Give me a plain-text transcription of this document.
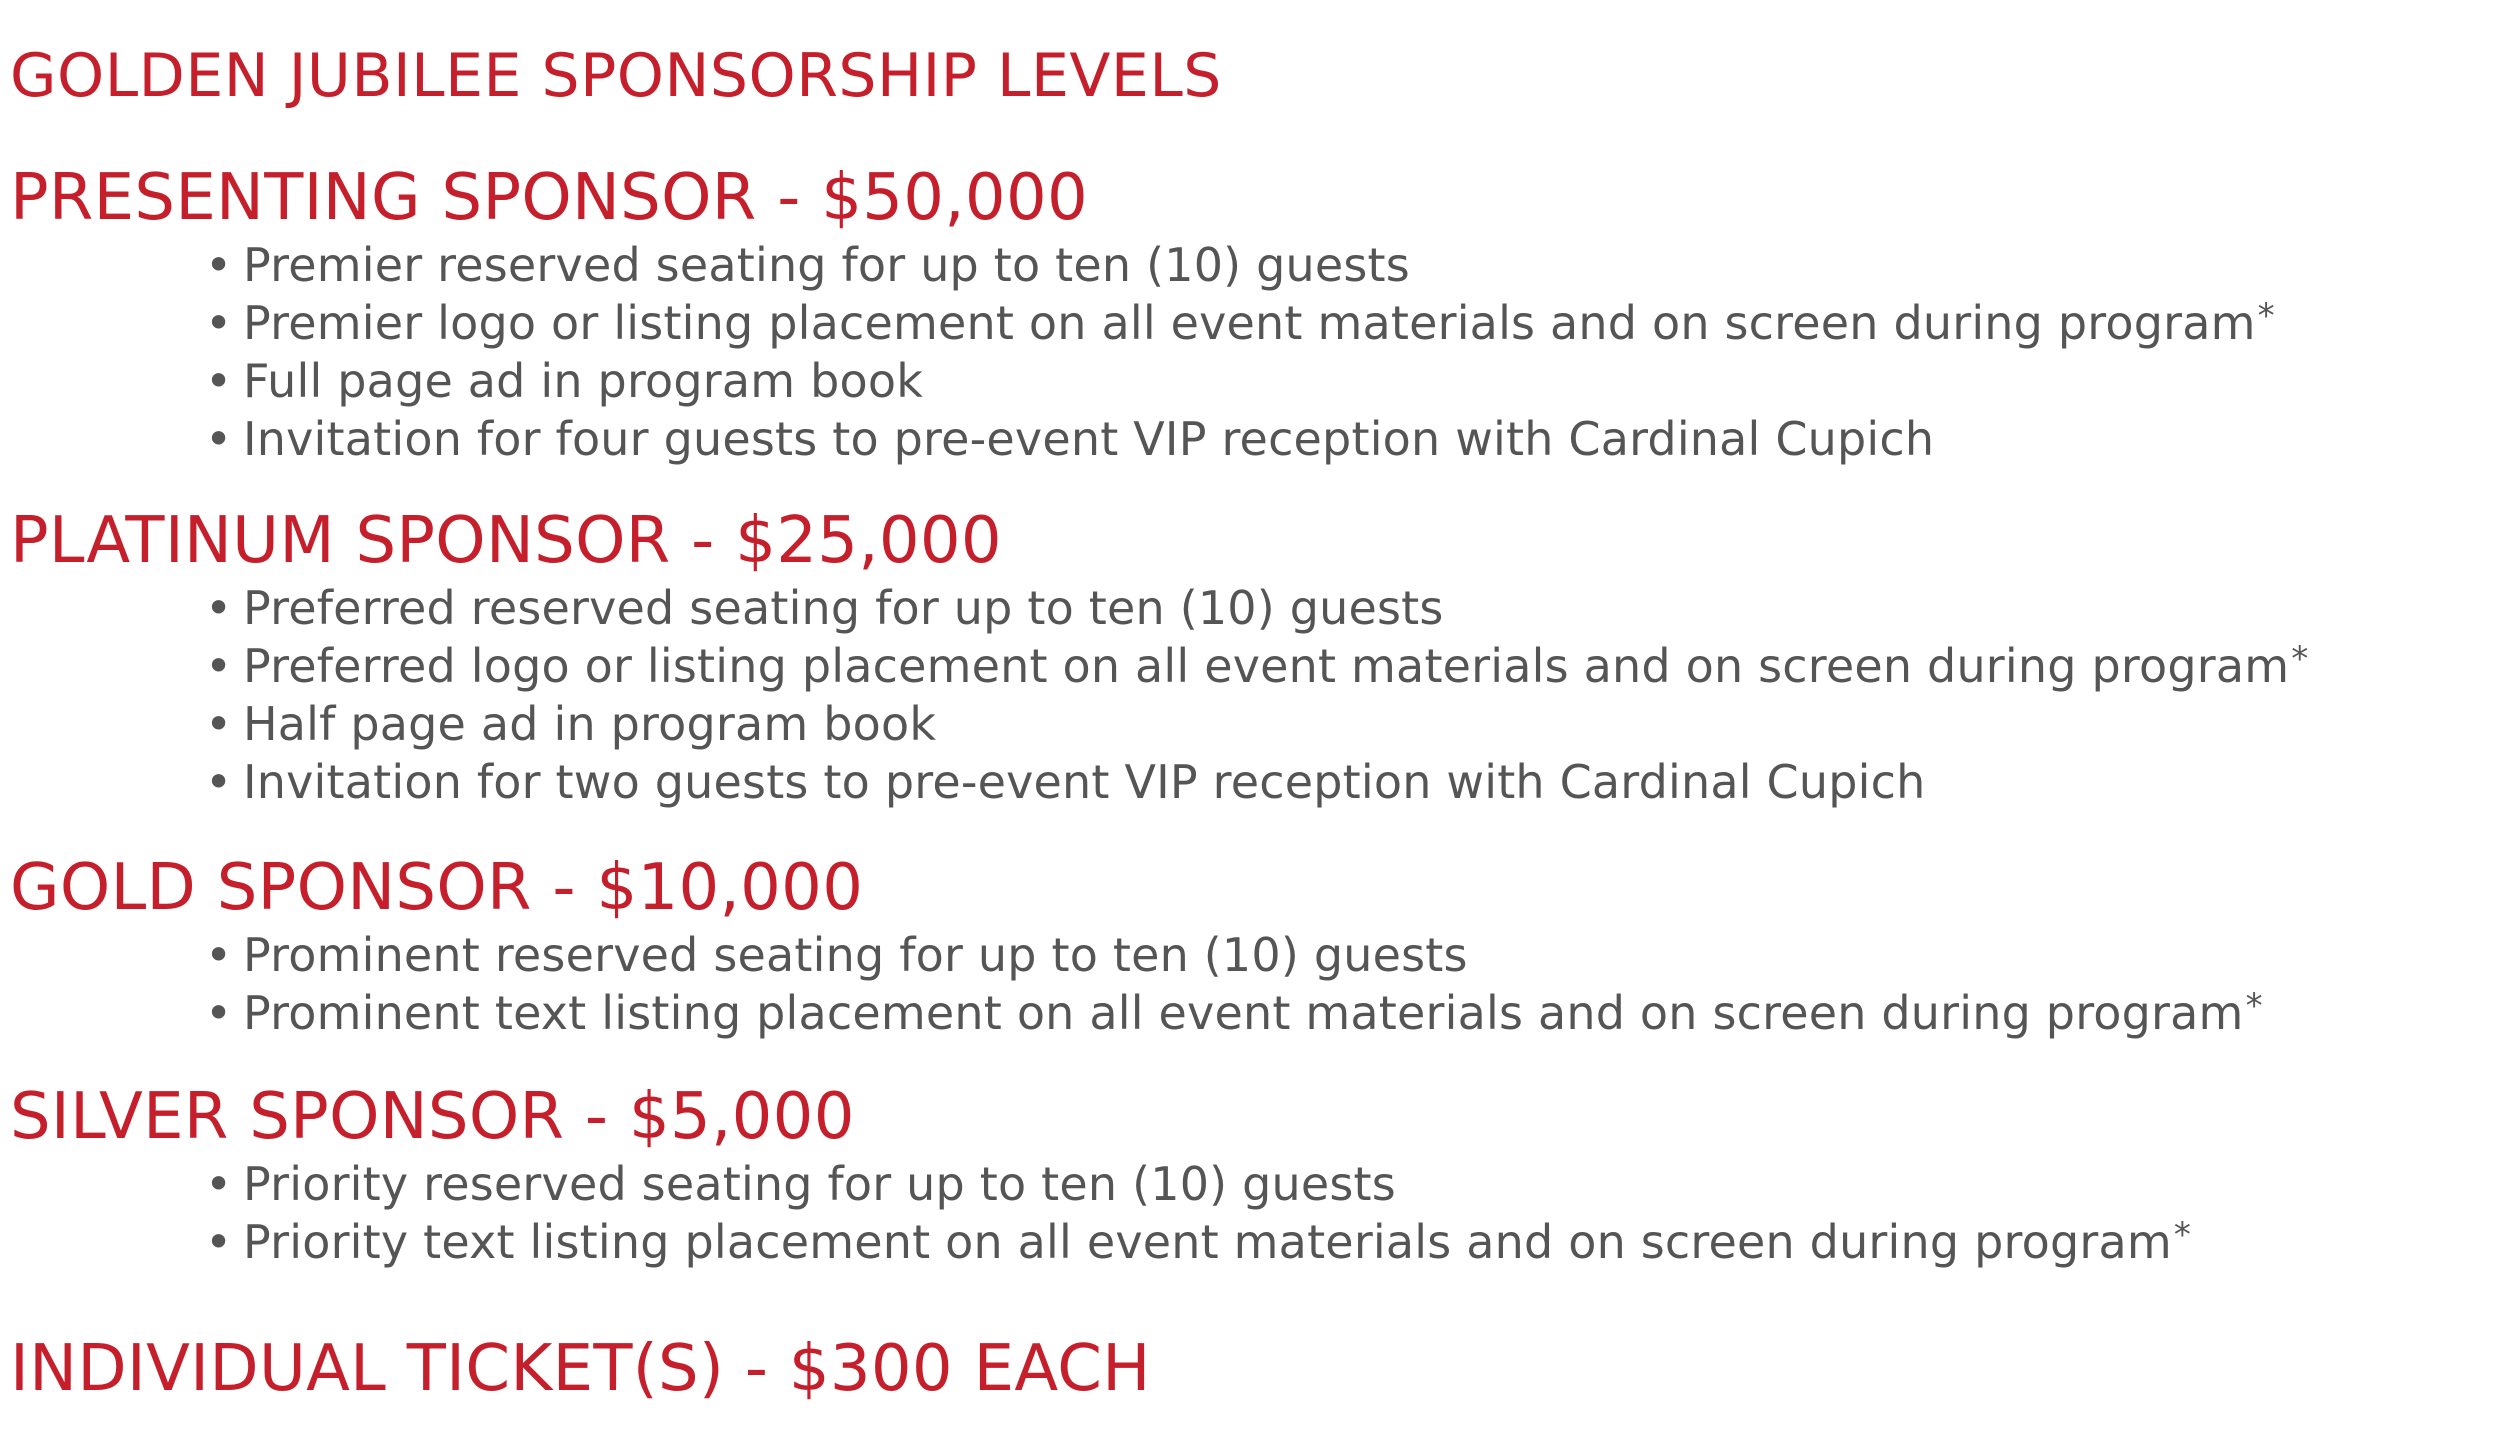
GOLDEN JUBILEE SPONSORSHIP LEVELS
PRESENTING SPONSOR - $50,000
• Premier reserved seating for up to ten (10) guests
• Premier logo or listing placement on all event materials and on screen during program*
• Full page ad in program book
• Invitation for four guests to pre-event VIP reception with Cardinal Cupich
PLATINUM SPONSOR - $25,000
• Preferred reserved seating for up to ten (10) guests
• Preferred logo or listing placement on all event materials and on screen during program*
• Half page ad in program book
• Invitation for two guests to pre-event VIP reception with Cardinal Cupich
GOLD SPONSOR - $10,000
• Prominent reserved seating for up to ten (10) guests
• Prominent text listing placement on all event materials and on screen during program*
SILVER SPONSOR - $5,000
• Priority reserved seating for up to ten (10) guests
• Priority text listing placement on all event materials and on screen during program*
INDIVIDUAL TICKET(S) - $300 EACH
